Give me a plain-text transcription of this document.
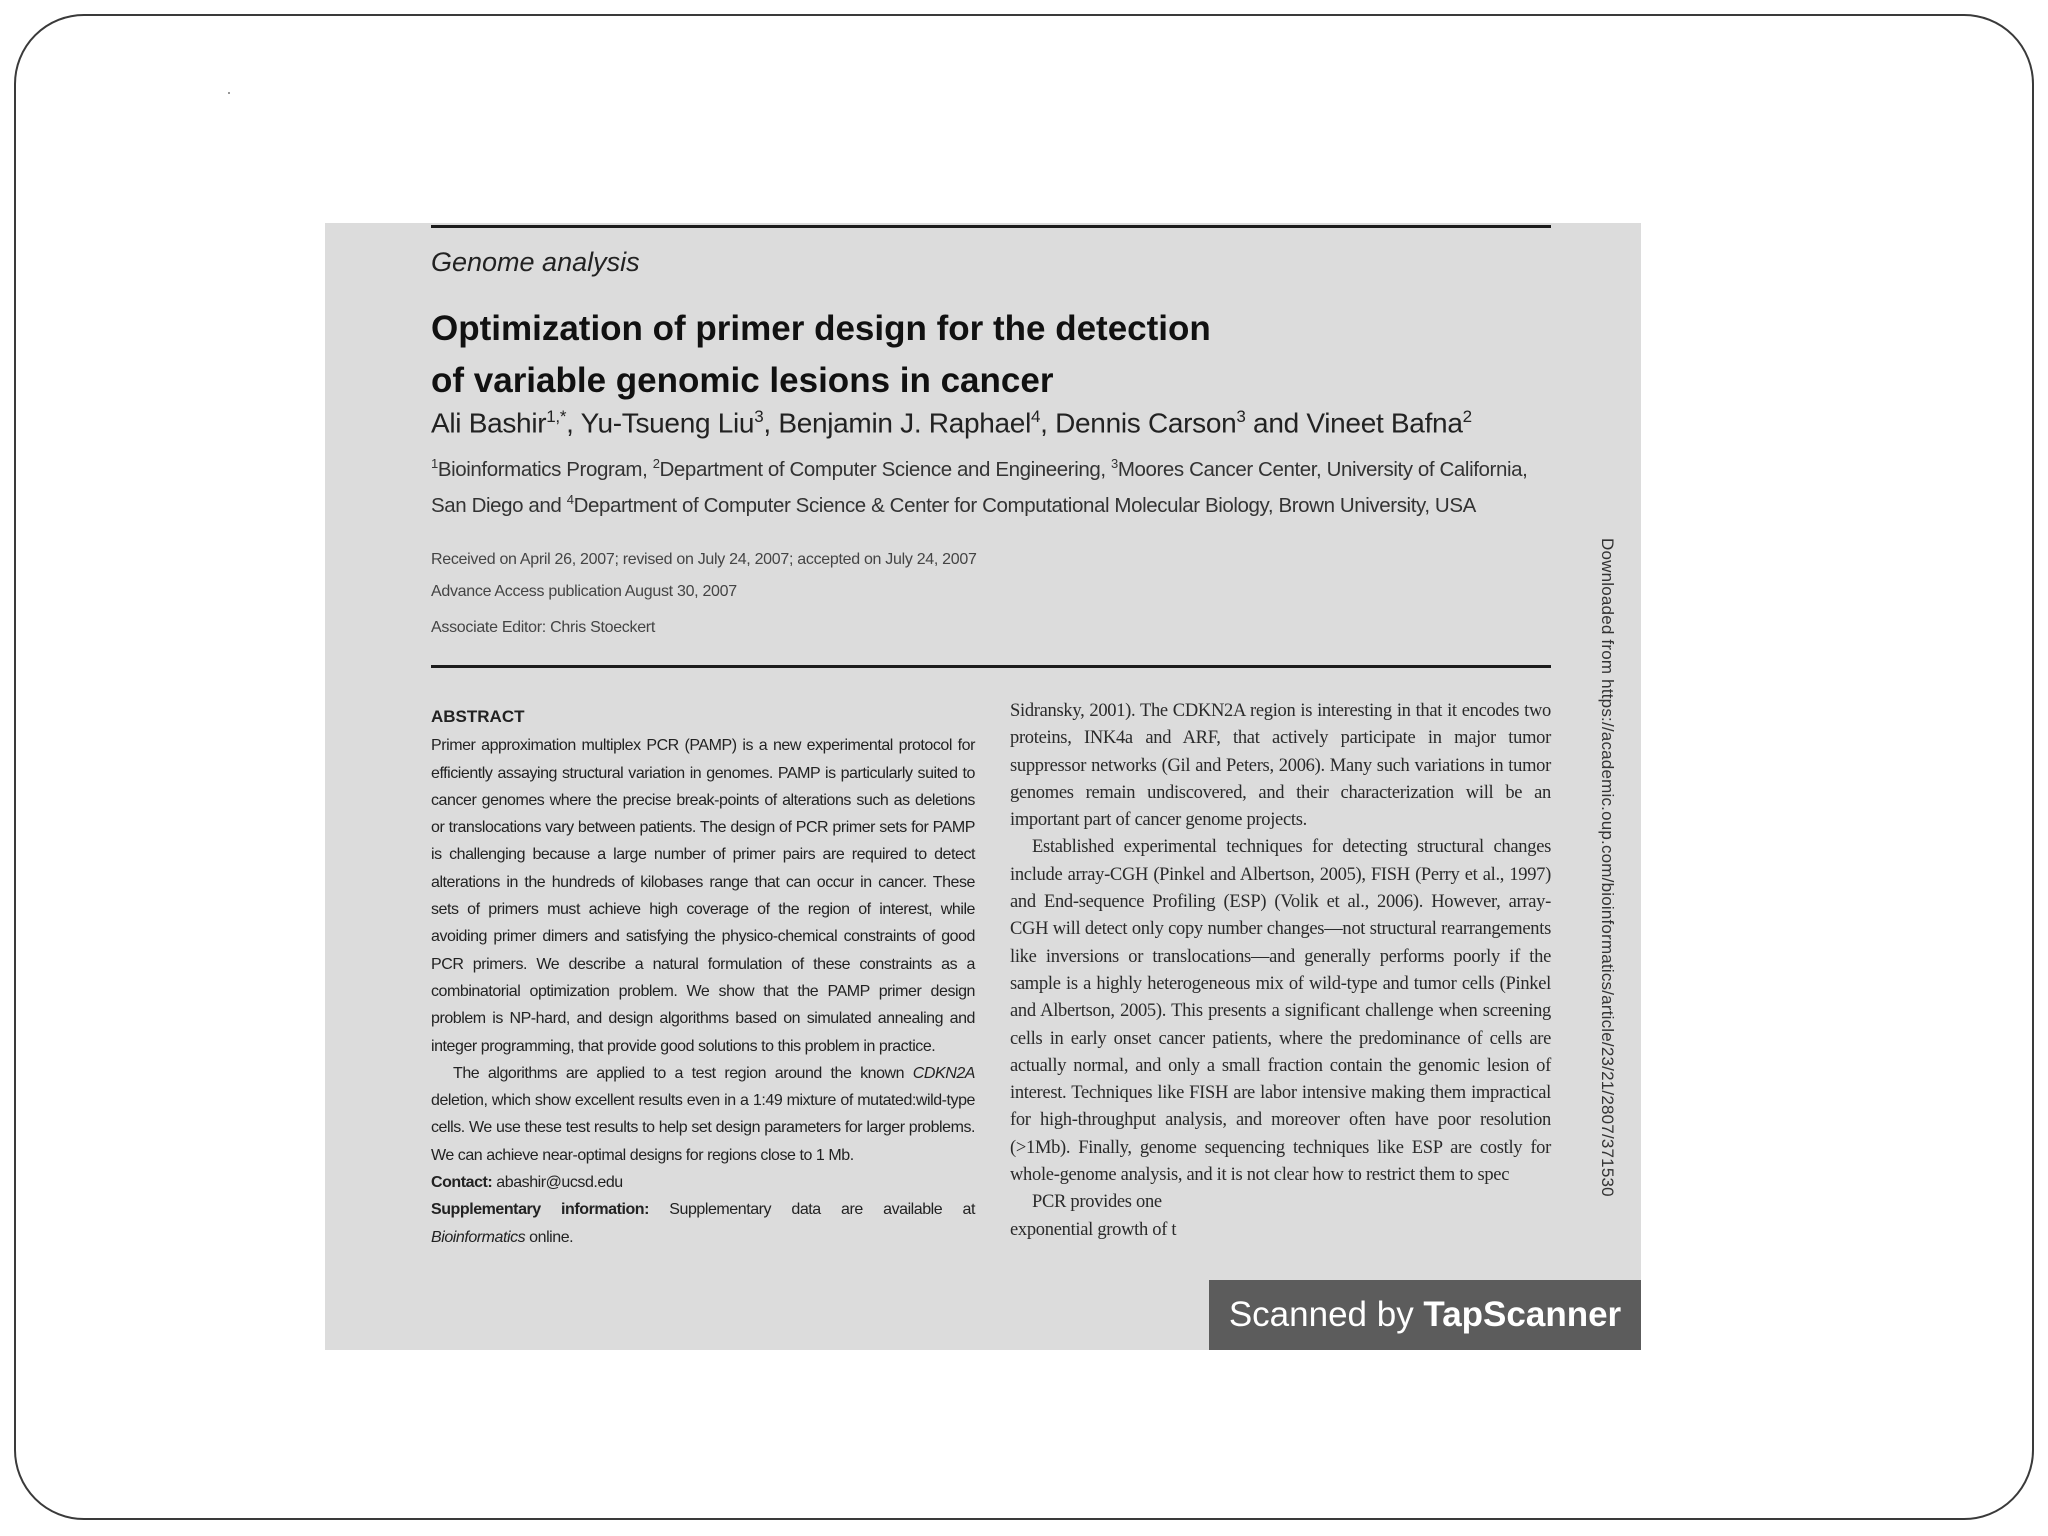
Genome analysis
Optimization of primer design for the detection
of variable genomic lesions in cancer
Ali Bashir$^{1,*}$, Yu-Tsueng Liu$^3$, Benjamin J. Raphael$^4$, Dennis Carson$^3$ and Vineet Bafna$^2$
$^1$Bioinformatics Program, $^2$Department of Computer Science and Engineering, $^3$Moores Cancer Center, University of California, San Diego and $^4$Department of Computer Science & Center for Computational Molecular Biology, Brown University, USA
Received on April 26, 2007; revised on July 24, 2007; accepted on July 24, 2007
Advance Access publication August 30, 2007
Associate Editor: Chris Stoeckert
ABSTRACT

Primer approximation multiplex PCR (PAMP) is a new experimental protocol for efficiently assaying structural variation in genomes. PAMP is particularly suited to cancer genomes where the precise break-points of alterations such as deletions or translocations vary between patients. The design of PCR primer sets for PAMP is challenging because a large number of primer pairs are required to detect alterations in the hundreds of kilobases range that can occur in cancer. These sets of primers must achieve high coverage of the region of interest, while avoiding primer dimers and satisfying the physico-chemical constraints of good PCR primers. We describe a natural formulation of these constraints as a combinatorial optimization problem. We show that the PAMP primer design problem is NP-hard, and design algorithms based on simulated annealing and integer programming, that provide good solutions to this problem in practice.

The algorithms are applied to a test region around the known CDKN2A deletion, which show excellent results even in a 1:49 mixture of mutated:wild-type cells. We use these test results to help set design parameters for larger problems. We can achieve near-optimal designs for regions close to 1 Mb.

Contact: abashir@ucsd.edu

Supplementary information: Supplementary data are available at Bioinformatics online.

Sidransky, 2001). The CDKN2A region is interesting in that it encodes two proteins, INK4a and ARF, that actively participate in major tumor suppressor networks (Gil and Peters, 2006). Many such variations in tumor genomes remain undiscovered, and their characterization will be an important part of cancer genome projects.

Established experimental techniques for detecting structural changes include array-CGH (Pinkel and Albertson, 2005), FISH (Perry et al., 1997) and End-sequence Profiling (ESP) (Volik et al., 2006). However, array-CGH will detect only copy number changes—not structural rearrangements like inversions or translocations—and generally performs poorly if the sample is a highly heterogeneous mix of wild-type and tumor cells (Pinkel and Albertson, 2005). This presents a significant challenge when screening cells in early onset cancer patients, where the predominance of cells are actually normal, and only a small fraction contain the genomic lesion of interest. Techniques like FISH are labor intensive making them impractical for high-throughput analysis, and moreover often have poor resolution (>1Mb). Finally, genome sequencing techniques like ESP are costly for whole-genome analysis, and it is not clear how to restrict them to spec

PCR provides one

exponential growth of t

Downloaded from https://academic.oup.com/bioinformatics/article/23/21/2807/371530
Scanned by TapScanner
